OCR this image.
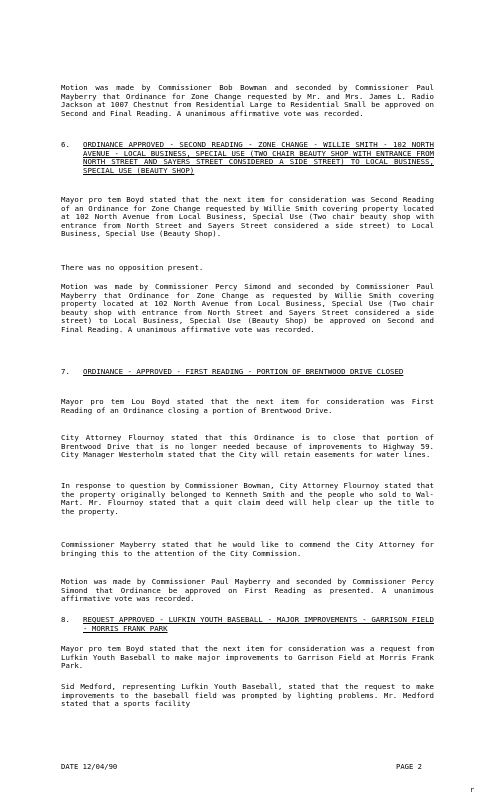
Motion was made by Commissioner Bob Bowman and seconded by Commissioner Paul Mayberry that Ordinance for Zone Change requested by Mr. and Mrs. James L. Radio Jackson at 1007 Chestnut from Residential Large to Residential Small be approved on Second and Final Reading. A unanimous affirmative vote was recorded.
6.	ORDINANCE APPROVED - SECOND READING - ZONE CHANGE - WILLIE SMITH - 102 NORTH AVENUE - LOCAL BUSINESS, SPECIAL USE (TWO CHAIR BEAUTY SHOP WITH ENTRANCE FROM NORTH STREET AND SAYERS STREET CONSIDERED A SIDE STREET) TO LOCAL BUSINESS, SPECIAL USE (BEAUTY SHOP)
Mayor pro tem Boyd stated that the next item for consideration was Second Reading of an Ordinance for Zone Change requested by Willie Smith covering property located at 102 North Avenue from Local Business, Special Use (Two chair beauty shop with entrance from North Street and Sayers Street considered a side street) to Local Business, Special Use (Beauty Shop).
There was no opposition present.
Motion was made by Commissioner Percy Simond and seconded by Commissioner Paul Mayberry that Ordinance for Zone Change as requested by Willie Smith covering property located at 102 North Avenue from Local Business, Special Use (Two chair beauty shop with entrance from North Street and Sayers Street considered a side street) to Local Business, Special Use (Beauty Shop) be approved on Second and Final Reading. A unanimous affirmative vote was recorded.
7.	ORDINANCE - APPROVED - FIRST READING - PORTION OF BRENTWOOD DRIVE CLOSED
Mayor pro tem Lou Boyd stated that the next item for consideration was First Reading of an Ordinance closing a portion of Brentwood Drive.
City Attorney Flournoy stated that this Ordinance is to close that portion of Brentwood Drive that is no longer needed because of improvements to Highway 59. City Manager Westerholm stated that the City will retain easements for water lines.
In response to question by Commissioner Bowman, City Attorney Flournoy stated that the property originally belonged to Kenneth Smith and the people who sold to Wal-Mart. Mr. Flournoy stated that a quit claim deed will help clear up the title to the property.
Commissioner Mayberry stated that he would like to commend the City Attorney for bringing this to the attention of the City Commission.
Motion was made by Commissioner Paul Mayberry and seconded by Commissioner Percy Simond that Ordinance be approved on First Reading as presented. A unanimous affirmative vote was recorded.
8.	REQUEST APPROVED - LUFKIN YOUTH BASEBALL - MAJOR IMPROVEMENTS - GARRISON FIELD - MORRIS FRANK PARK
Mayor pro tem Boyd stated that the next item for consideration was a request from Lufkin Youth Baseball to make major improvements to Garrison Field at Morris Frank Park.
Sid Medford, representing Lufkin Youth Baseball, stated that the request to make improvements to the baseball field was prompted by lighting problems. Mr. Medford stated that a sports facility
DATE 12/04/90	PAGE 2
r
